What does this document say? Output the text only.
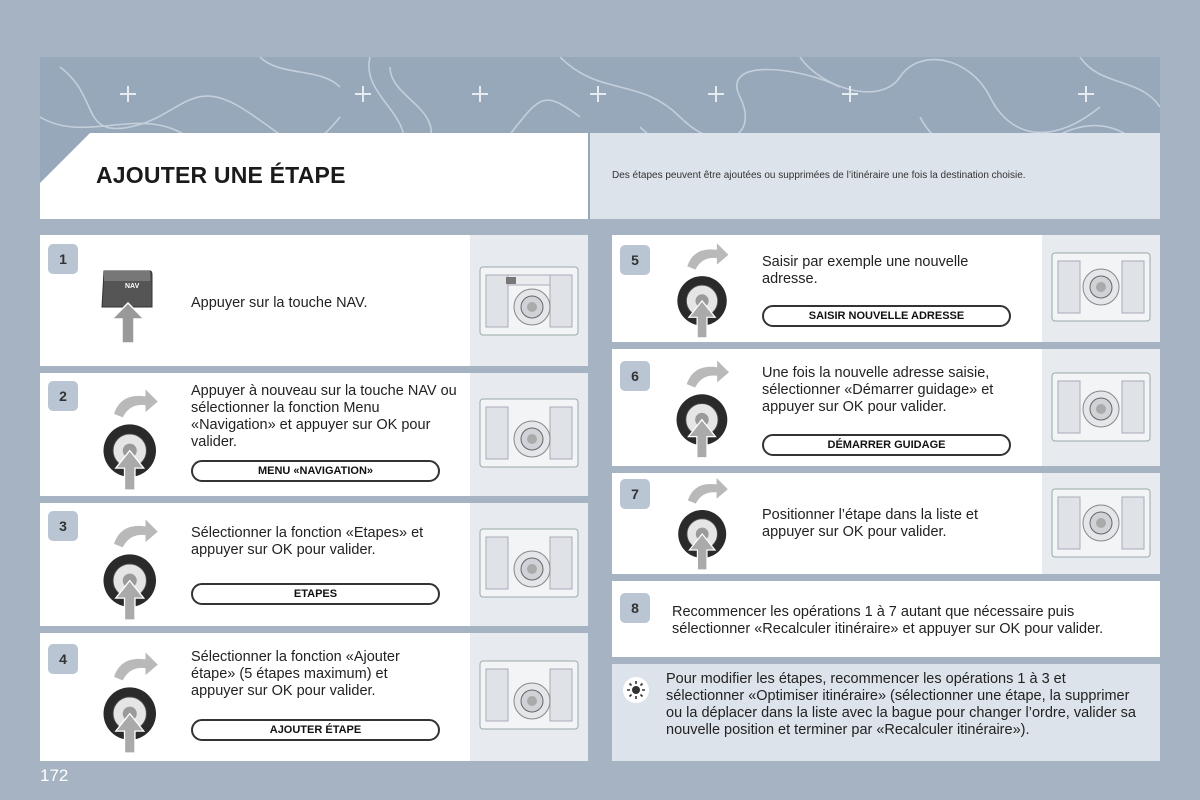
AJOUTER UNE ÉTAPE	Des étapes peuvent être ajoutées ou supprimées de l’itinéraire une fois la destination choisie.
1
NAV
Appuyer sur la touche NAV.
2	Appuyer à nouveau sur la touche NAV ou sélectionner la fonction Menu «Navigation» et appuyer sur OK pour valider.
MENU «NAVIGATION»
3	Sélectionner la fonction «Etapes» et appuyer sur OK pour valider.
ETAPES
4	Sélectionner la fonction «Ajouter étape» (5 étapes maximum) et appuyer sur OK pour valider.
AJOUTER ÉTAPE
172
5	Saisir par exemple une nouvelle adresse.
SAISIR NOUVELLE ADRESSE
6	Une fois la nouvelle adresse saisie, sélectionner «Démarrer guidage» et appuyer sur OK pour valider.
DÉMARRER GUIDAGE
7
Positionner l’étape dans la liste et appuyer sur OK pour valider.
8	Recommencer les opérations 1 à 7 autant que nécessaire puis sélectionner «Recalculer itinéraire» et appuyer sur OK pour valider.
Pour modifier les étapes, recommencer les opérations 1 à 3 et sélectionner «Optimiser itinéraire» (sélectionner une étape, la supprimer ou la déplacer dans la liste avec la bague pour changer l’ordre, valider sa nouvelle position et terminer par «Recalculer itinéraire»).
